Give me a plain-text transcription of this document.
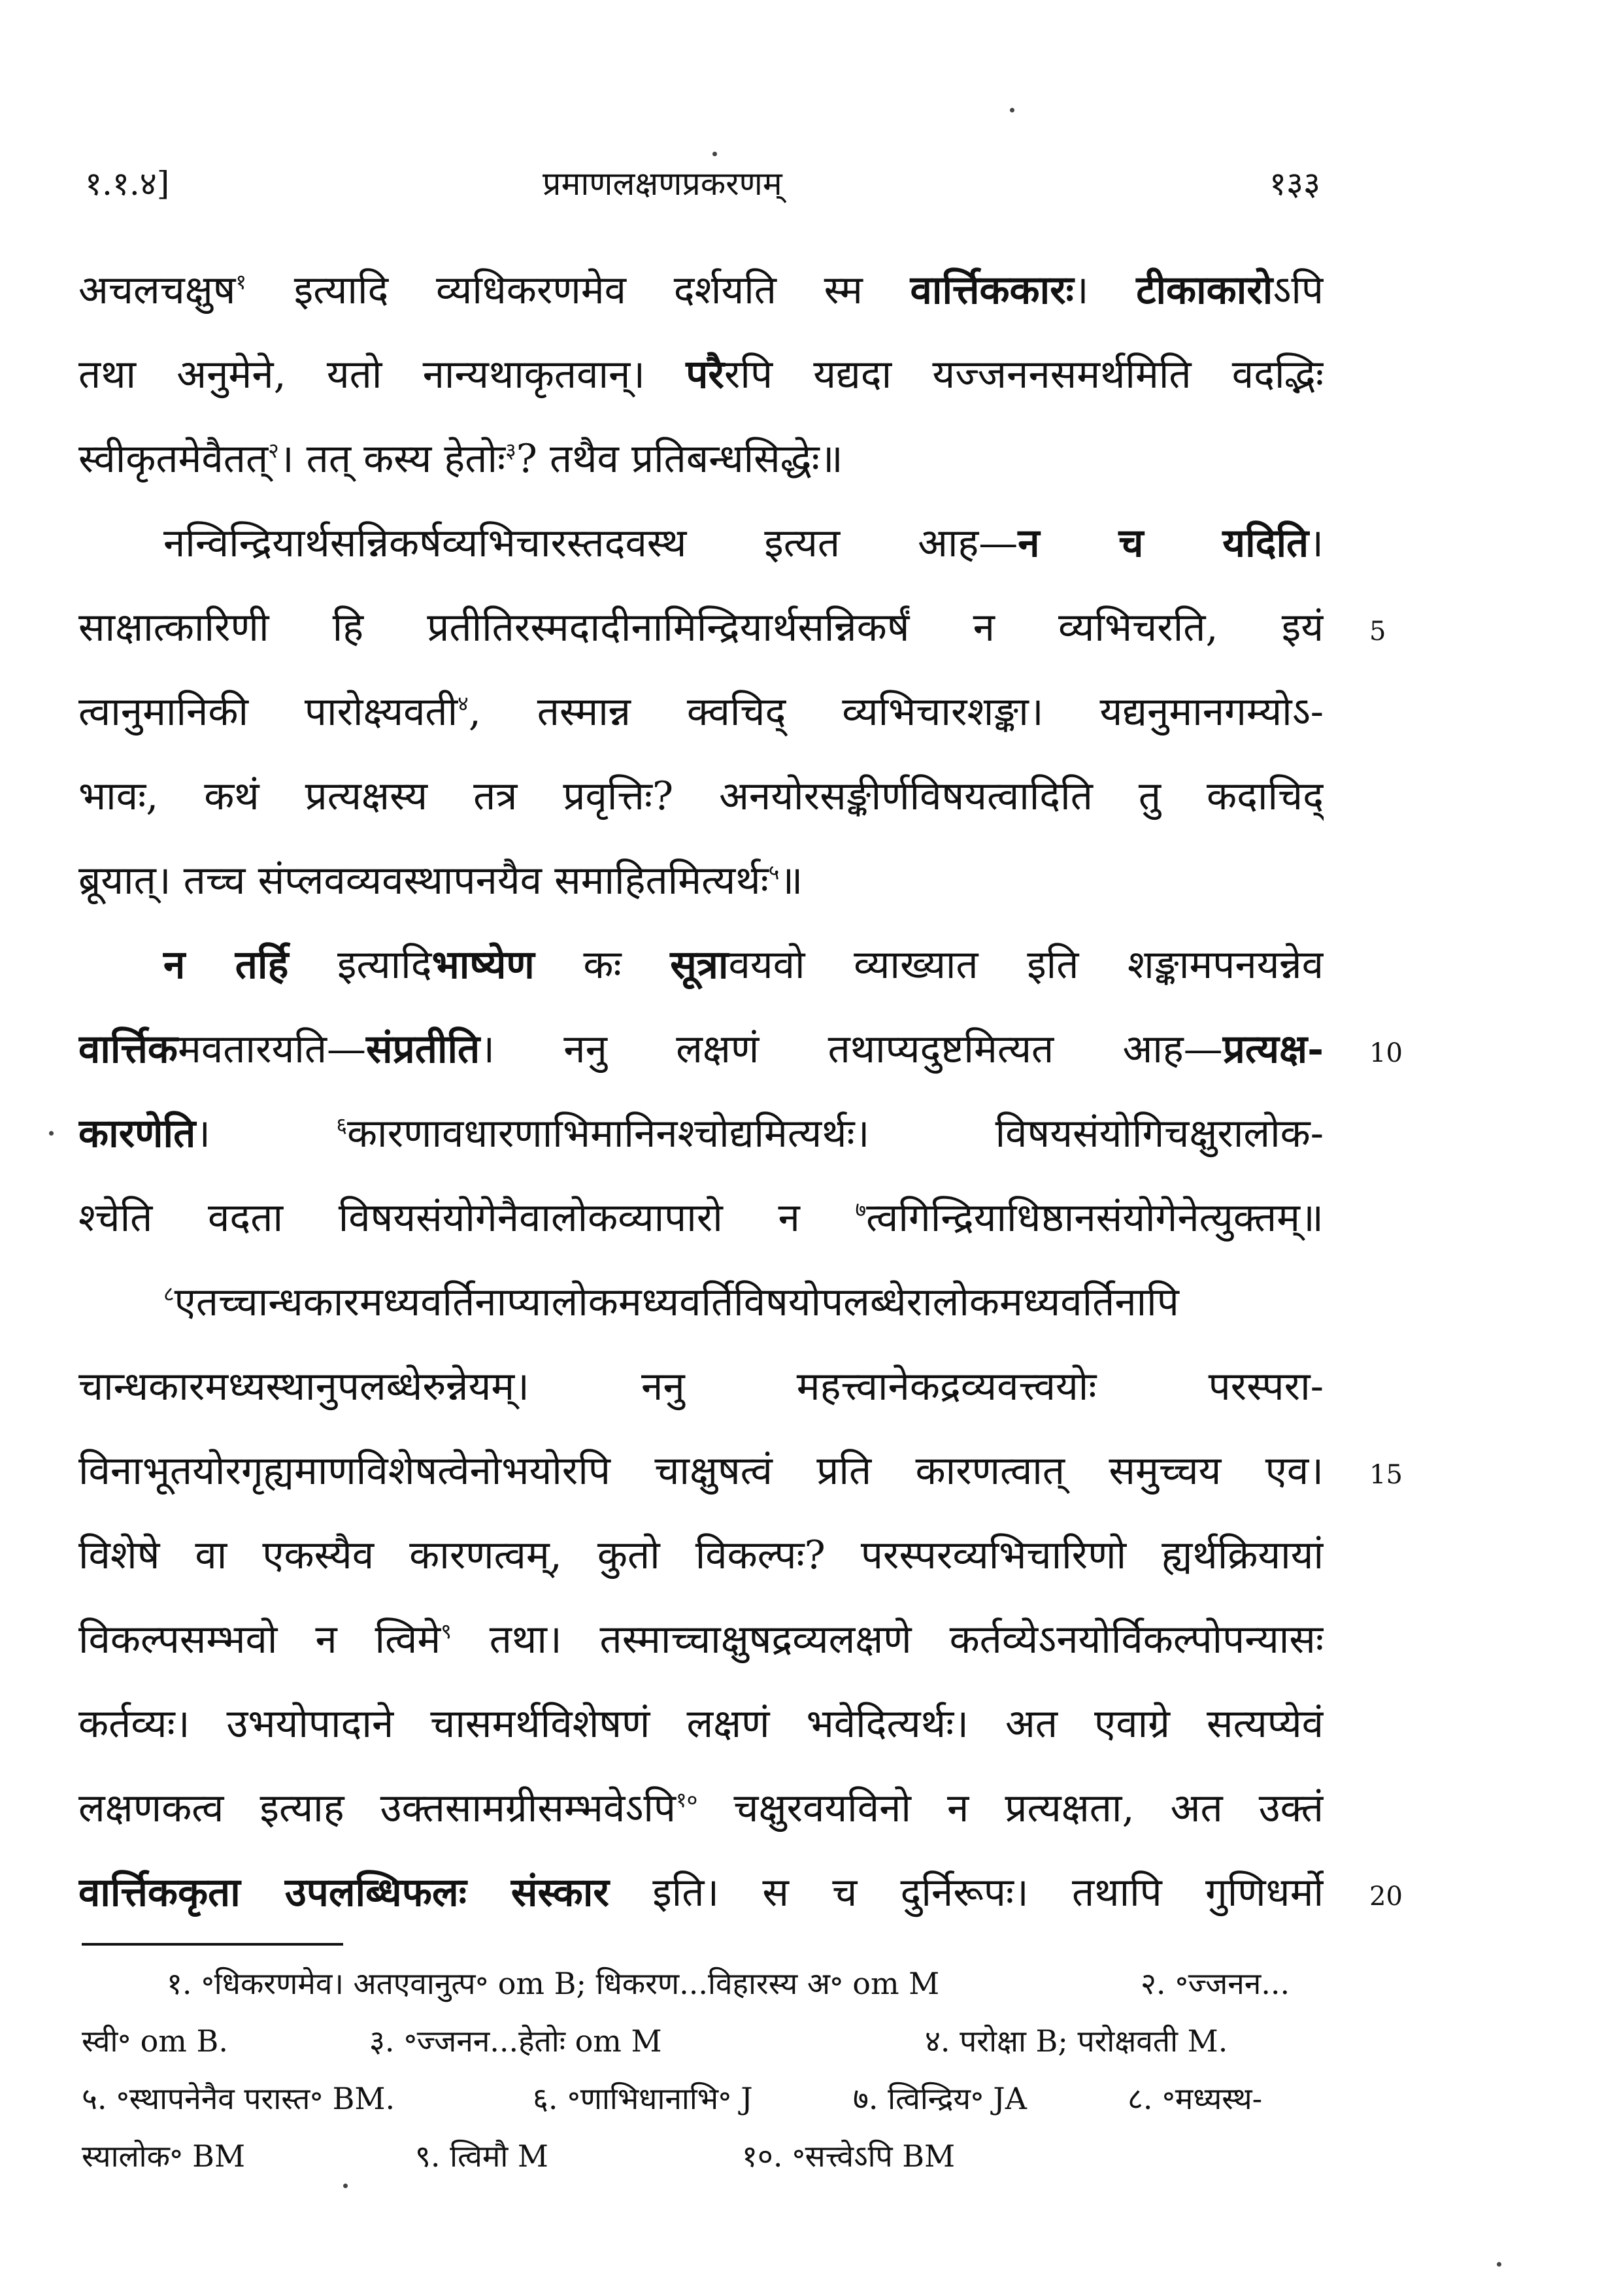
१.१.४]	प्रमाणलक्षणप्रकरणम्	१३३
अचलचक्षुष$^१$ इत्यादि व्यधिकरणमेव दर्शयति स्म वार्त्तिककारः। टीकाकारोऽपि
तथा अनुमेने, यतो नान्यथाकृतवान्। परैरपि यद्यदा यज्जननसमर्थमिति वदद्भिः
स्वीकृतमेवैतत्$^२$। तत् कस्य हेतोः$^३$? तथैव प्रतिबन्धसिद्धेः॥
नन्विन्द्रियार्थसन्निकर्षव्यभिचारस्तदवस्थ इत्यत आह—न च यदिति।
साक्षात्कारिणी हि प्रतीतिरस्मदादीनामिन्द्रियार्थसन्निकर्षं न व्यभिचरति, इयं
त्वानुमानिकी पारोक्ष्यवती$^४$, तस्मान्न क्वचिद् व्यभिचारशङ्का। यद्यनुमानगम्योऽ-
भावः, कथं प्रत्यक्षस्य तत्र प्रवृत्तिः? अनयोरसङ्कीर्णविषयत्वादिति तु कदाचिद्
ब्रूयात्। तच्च संप्लवव्यवस्थापनयैव समाहितमित्यर्थः$^५$॥
न तर्हि इत्यादिभाष्येण कः सूत्रावयवो व्याख्यात इति शङ्कामपनयन्नेव
वार्त्तिकमवतारयति—संप्रतीति। ननु लक्षणं तथाप्यदुष्टमित्यत आह—प्रत्यक्ष-
कारणेति। $^६$कारणावधारणाभिमानिनश्चोद्यमित्यर्थः। विषयसंयोगिचक्षुरालोक-
श्चेति वदता विषयसंयोगेनैवालोकव्यापारो न $^७$त्वगिन्द्रियाधिष्ठानसंयोगेनेत्युक्तम्॥
$^८$एतच्चान्धकारमध्यवर्तिनाप्यालोकमध्यवर्तिविषयोपलब्धेरालोकमध्यवर्तिनापि
चान्धकारमध्यस्थानुपलब्धेरुन्नेयम्। ननु महत्त्वानेकद्रव्यवत्त्वयोः परस्परा-
विनाभूतयोरगृह्यमाणविशेषत्वेनोभयोरपि चाक्षुषत्वं प्रति कारणत्वात् समुच्चय एव।
विशेषे वा एकस्यैव कारणत्वम्, कुतो विकल्पः? परस्परव्यभिचारिणो ह्यर्थक्रियायां
विकल्पसम्भवो न त्विमे$^९$ तथा। तस्माच्चाक्षुषद्रव्यलक्षणे कर्तव्येऽनयोर्विकल्पोपन्यासः
कर्तव्यः। उभयोपादाने चासमर्थविशेषणं लक्षणं भवेदित्यर्थः। अत एवाग्रे सत्यप्येवं
लक्षणकत्व इत्याह उक्तसामग्रीसम्भवेऽपि$^{१०}$ चक्षुरवयविनो न प्रत्यक्षता, अत उक्तं
वार्त्तिककृता उपलब्धिफलः संस्कार इति। स च दुर्निरूपः। तथापि गुणिधर्मो
5
10
15
20
१. ॰धिकरणमेव। अतएवानुत्प॰ om B; धिकरण...विहारस्य अ॰ om M	२. ॰ज्जनन...
स्वी॰ om B.	३. ॰ज्जनन...हेतोः om M	४. परोक्षा B; परोक्षवती M.
५. ॰स्थापनेनैव परास्त॰ BM.	६. ॰णाभिधानाभि॰ J	७. त्विन्द्रिय॰ JA	८. ॰मध्यस्थ-
स्यालोक॰ BM	९. त्विमौ M	१०. ॰सत्त्वेऽपि BM
